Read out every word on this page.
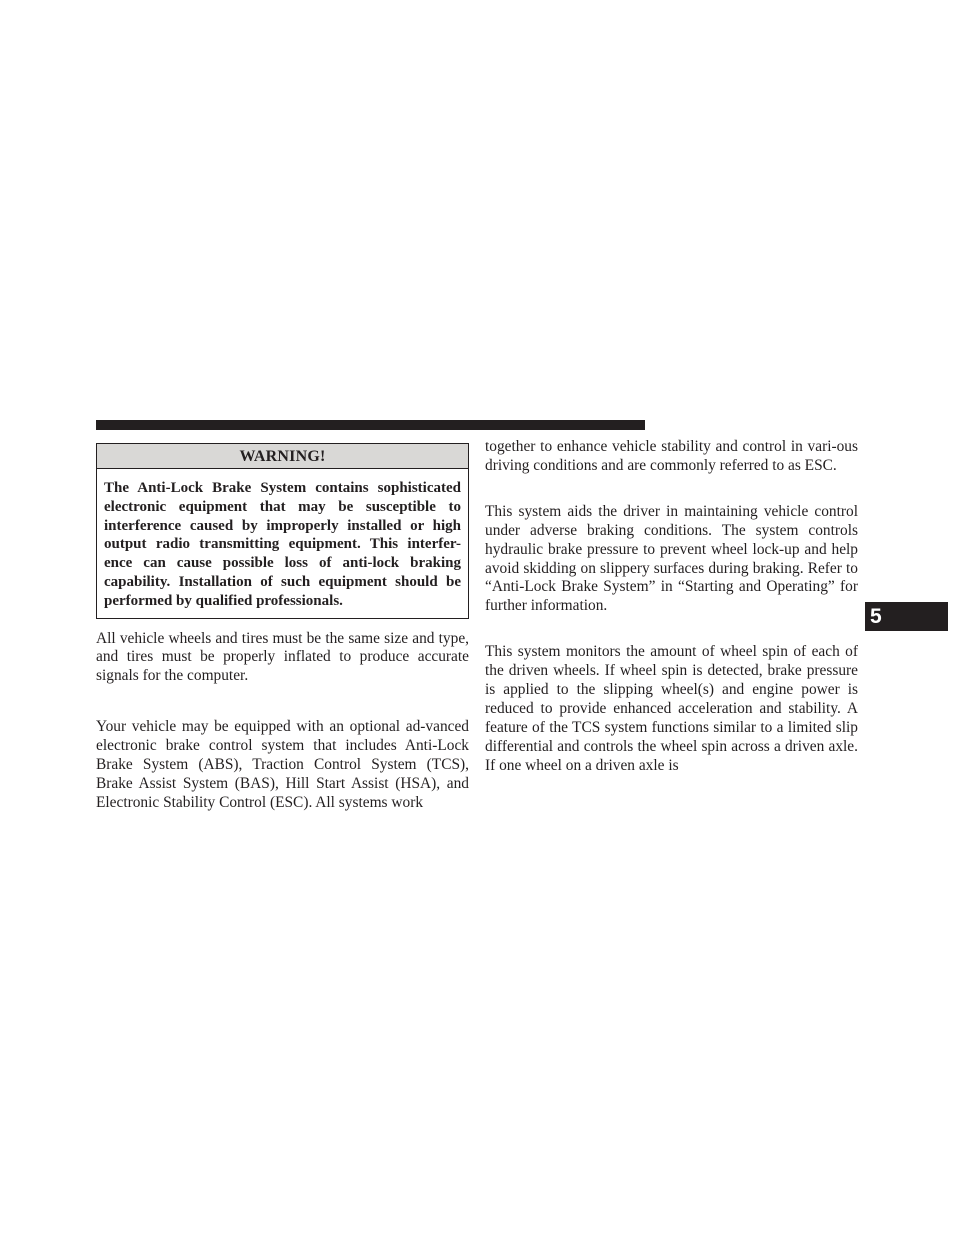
WARNING!
The Anti-Lock Brake System contains sophisticated electronic equipment that may be susceptible to interference caused by improperly installed or high output radio transmitting equipment. This interfer-ence can cause possible loss of anti-lock braking capability. Installation of such equipment should be performed by qualified professionals.

All vehicle wheels and tires must be the same size and type, and tires must be properly inflated to produce accurate signals for the computer.

Your vehicle may be equipped with an optional ad-vanced electronic brake control system that includes Anti-Lock Brake System (ABS), Traction Control System (TCS), Brake Assist System (BAS), Hill Start Assist (HSA), and Electronic Stability Control (ESC). All systems work

together to enhance vehicle stability and control in vari-ous driving conditions and are commonly referred to as ESC.

This system aids the driver in maintaining vehicle control under adverse braking conditions. The system controls hydraulic brake pressure to prevent wheel lock-up and help avoid skidding on slippery surfaces during braking. Refer to “Anti-Lock Brake System” in “Starting and Operating” for further information.

This system monitors the amount of wheel spin of each of the driven wheels. If wheel spin is detected, brake pressure is applied to the slipping wheel(s) and engine power is reduced to provide enhanced acceleration and stability. A feature of the TCS system functions similar to a limited slip differential and controls the wheel spin across a driven axle. If one wheel on a driven axle is

5
